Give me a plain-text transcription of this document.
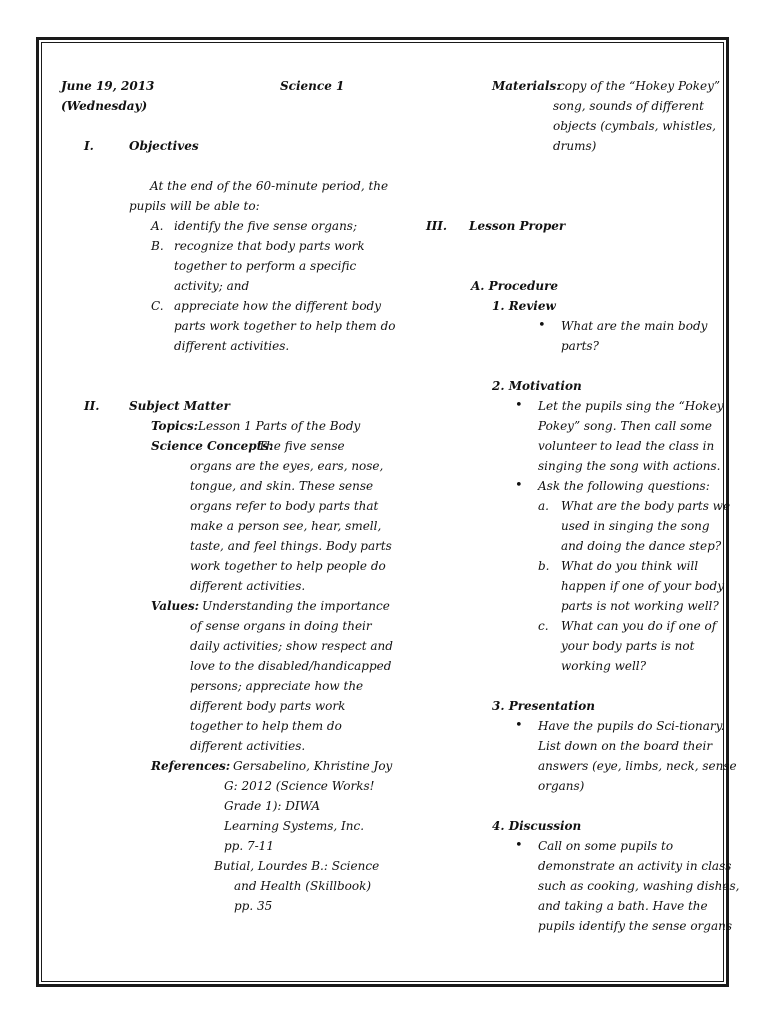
June 19, 2013
(Wednesday)
Science 1
I.	Objectives
At the end of the 60-minute period, the
pupils will be able to:
A. identify the five sense organs;
B. recognize that body parts work
together to perform a specific
activity; and
C. appreciate how the different body
parts work together to help them do
different activities.
II. Subject Matter
Topics: Lesson 1 Parts of the Body
Science Concepts:
The five sense
organs are the eyes, ears, nose,
tongue, and skin. These sense
organs refer to body parts that
make a person see, hear, smell,
taste, and feel things. Body parts
work together to help people do
different activities.
Values: Understanding the importance
of sense organs in doing their
daily activities; show respect and
love to the disabled/handicapped
persons; appreciate how the
different body parts work
together to help them do
different activities.
References: Gersabelino, Khristine Joy
G: 2012 (Science Works!
Grade 1): DIWA
Learning Systems, Inc.
pp. 7-11
Butial, Lourdes B.: Science
and Health (Skillbook)
pp. 35
Materials:
copy of the “Hokey Pokey”
song, sounds of different
objects (cymbals, whistles,
drums)
III. Lesson Proper
A. Procedure
1. Review
• What are the main body
parts?
2. Motivation
• Let the pupils sing the “Hokey
Pokey” song. Then call some
volunteer to lead the class in
singing the song with actions.
• Ask the following questions:
a. What are the body parts we
used in singing the song
and doing the dance step?
b. What do you think will
happen if one of your body
parts is not working well?
c. What can you do if one of
your body parts is not
working well?
3. Presentation
• Have the pupils do Sci-tionary.
List down on the board their
answers (eye, limbs, neck, sense
organs)
4. Discussion
• Call on some pupils to
demonstrate an activity in class
such as cooking, washing dishes,
and taking a bath. Have the
pupils identify the sense organs
